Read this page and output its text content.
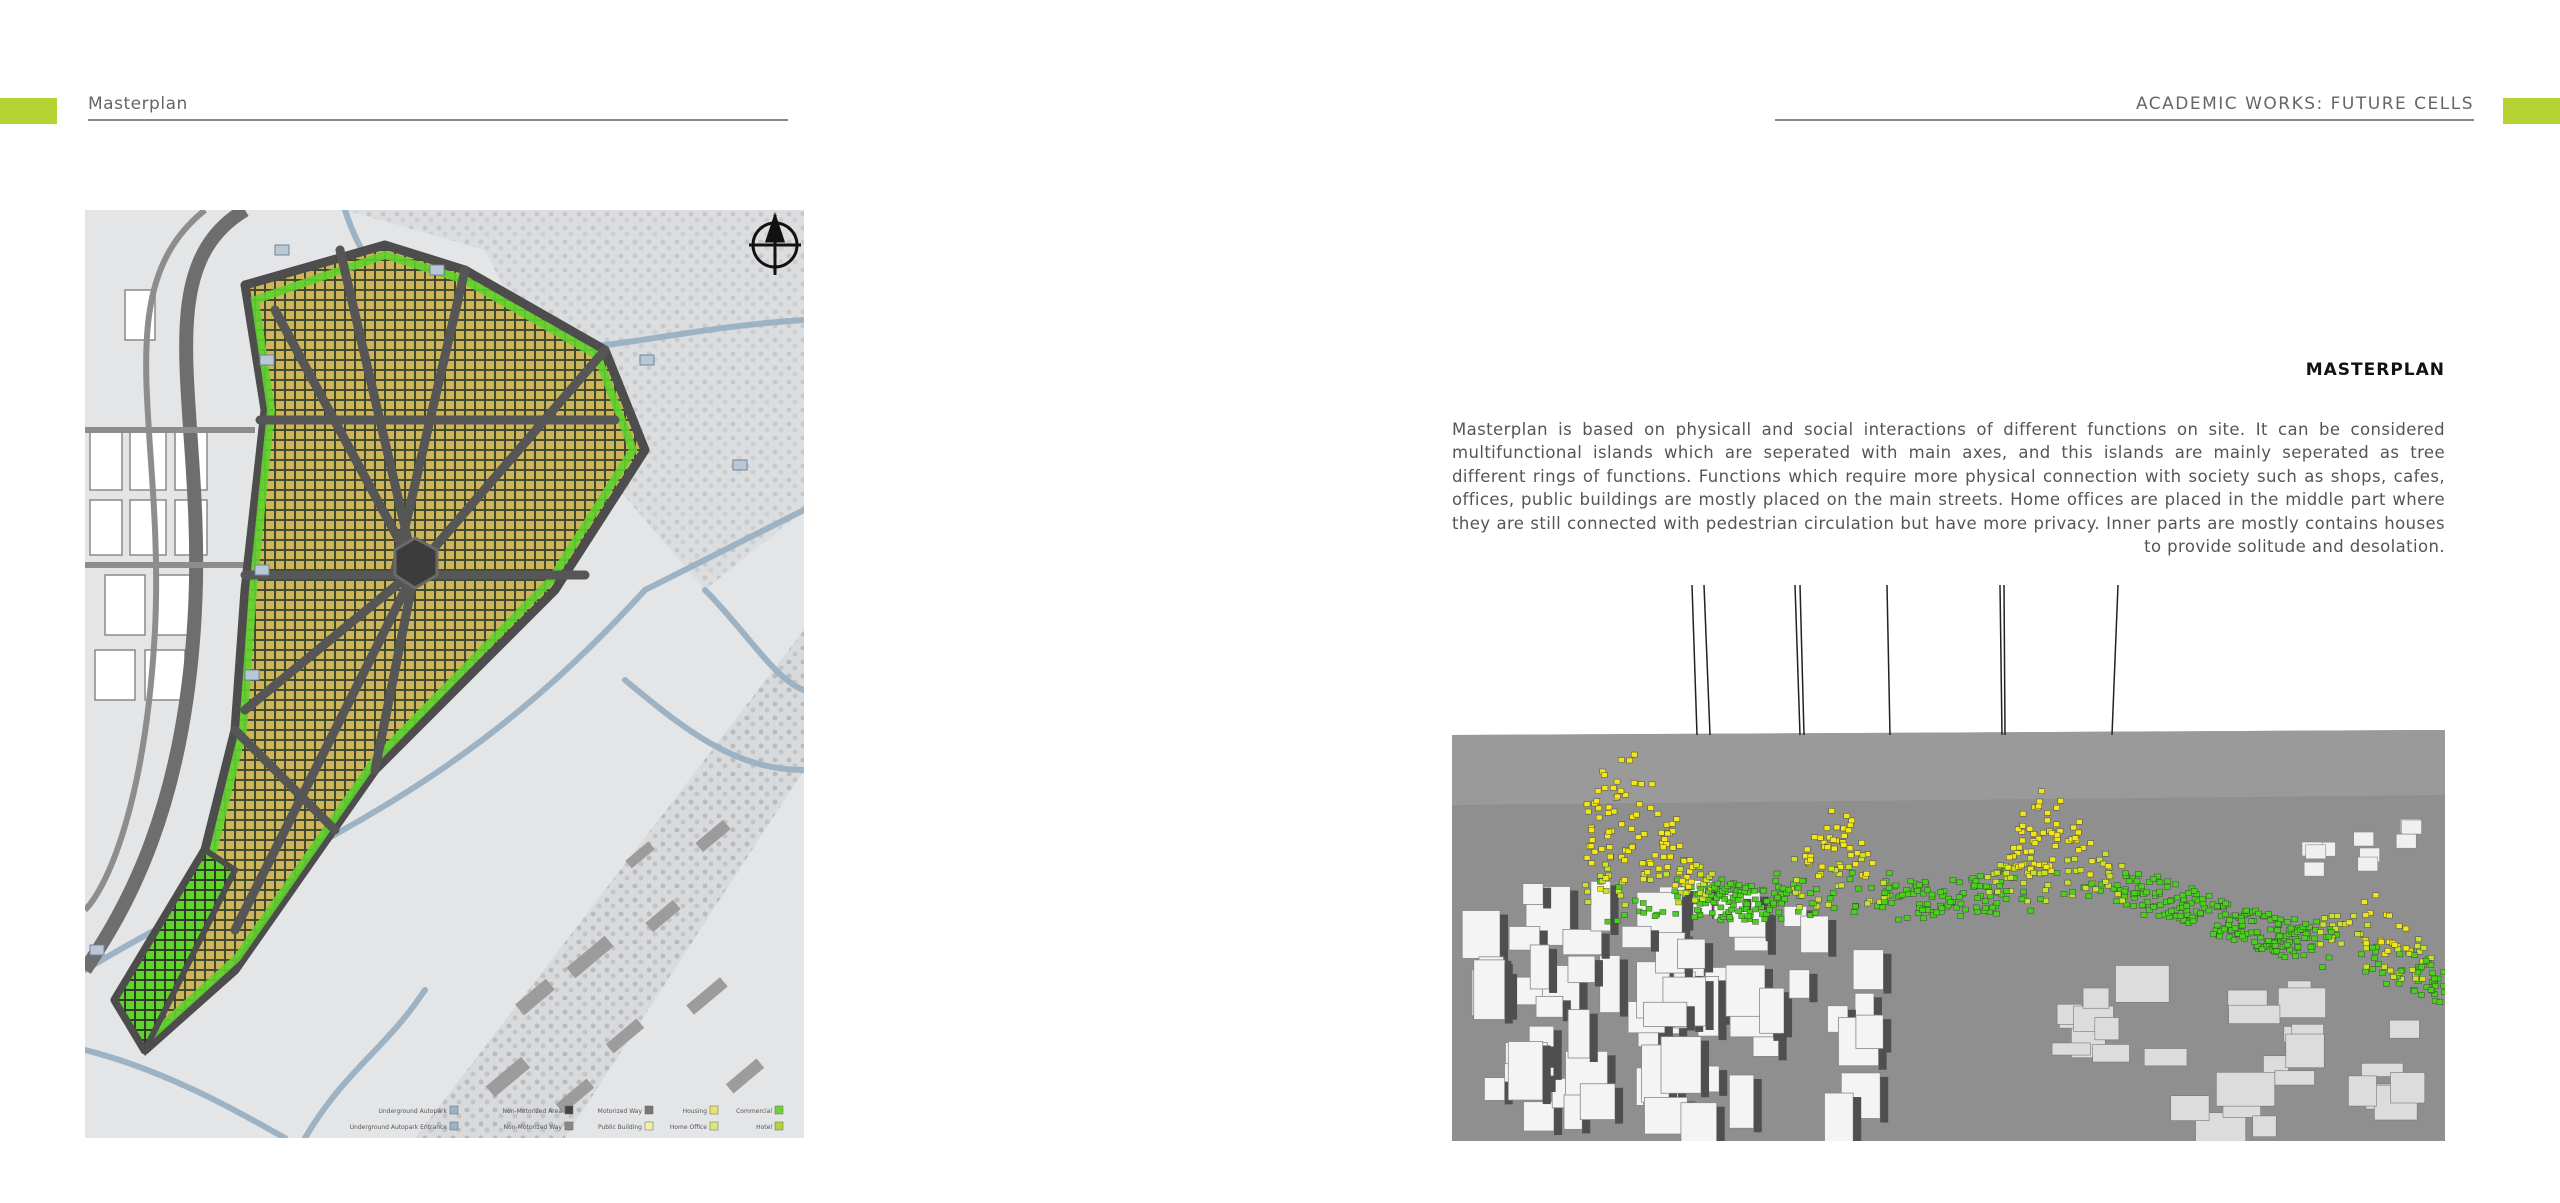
Masterplan	ACADEMIC WORKS: FUTURE CELLS
Underground Autopark	Non-Motorized Area	Motorized Way	Housing	Commercial
Underground Autopark Entrance	Non-Motorized Way	Public Building	Home Office	Hotel
MASTERPLAN
Masterplan is based on physicall and social interactions of different functions on site. It can be considered multifunctional islands which are seperated with main axes, and this islands are mainly seperated as tree different rings of functions. Functions which require more physical connection with society such as shops, cafes, offices, public buildings are mostly placed on the main streets. Home offices are placed in the middle part where they are still connected with pedestrian circulation but have more privacy. Inner parts are mostly contains houses to provide solitude and desolation.
